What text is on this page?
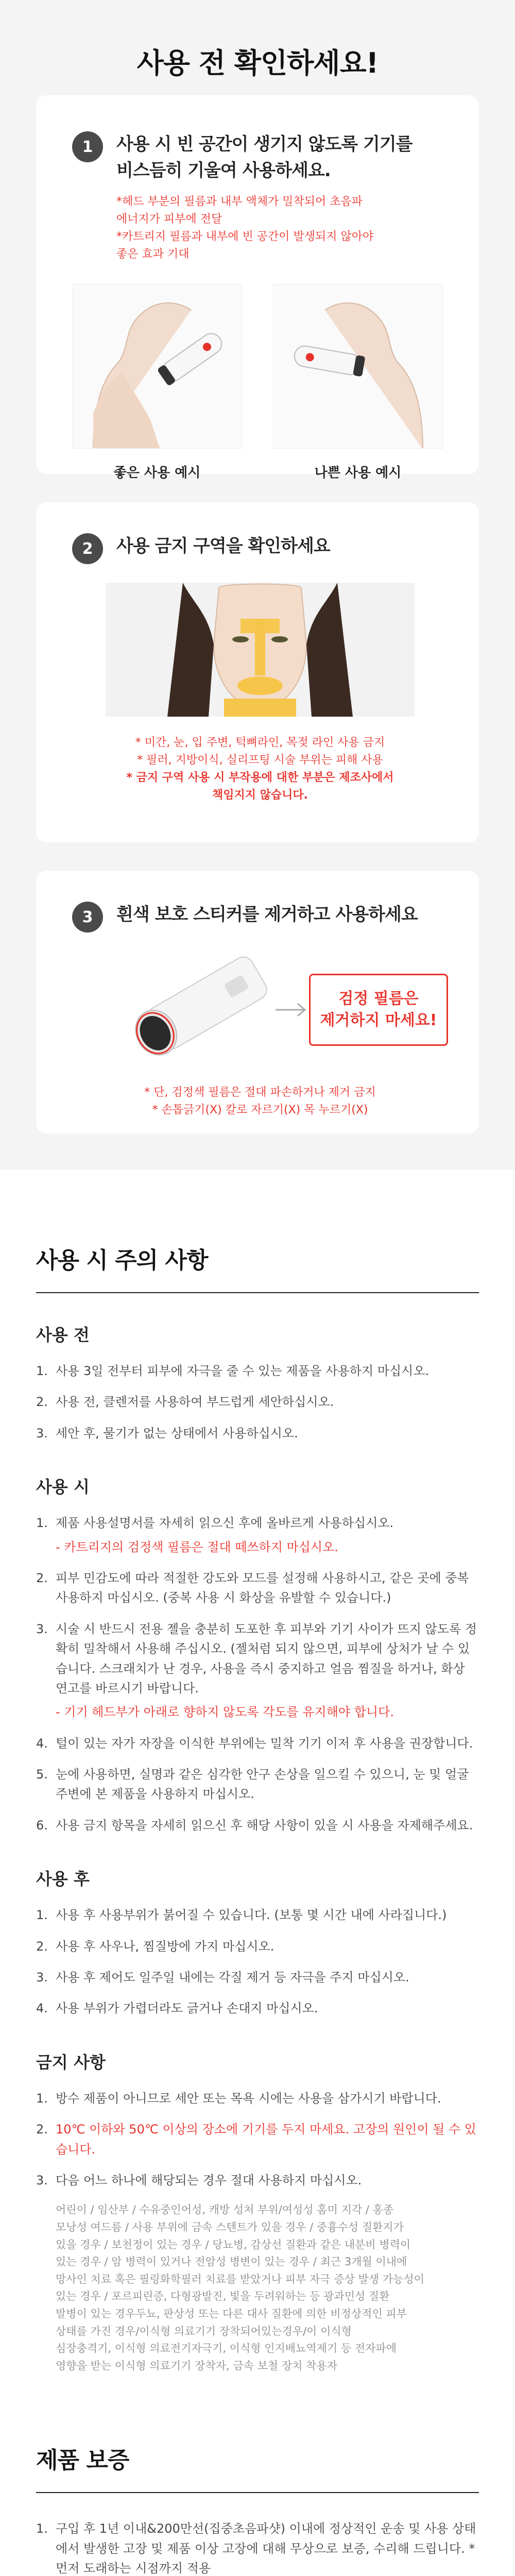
사용 전 확인하세요!
1	사용 시 빈 공간이 생기지 않도록 기기를 비스듬히 기울여 사용하세요.
*헤드 부분의 필름과 내부 액체가 밀착되어 초음파
에너지가 피부에 전달
*카트리지 필름과 내부에 빈 공간이 발생되지 않아야
좋은 효과 기대
좋은 사용 예시	나쁜 사용 예시
2	사용 금지 구역을 확인하세요
* 미간, 눈, 입 주변, 턱뼈라인, 목젖 라인 사용 금지
* 필러, 지방이식, 실리프팅 시술 부위는 피해 사용
* 금지 구역 사용 시 부작용에 대한 부분은 제조사에서
책임지지 않습니다.
3	흰색 보호 스티커를 제거하고 사용하세요
검정 필름은
제거하지 마세요!
* 단, 검정색 필름은 절대 파손하거나 제거 금지
* 손톱긁기(X) 칼로 자르기(X) 목 누르기(X)
사용 시 주의 사항
사용 전
1. 사용 3일 전부터 피부에 자극을 줄 수 있는 제품을 사용하지 마십시오.
2. 사용 전, 클렌저를 사용하여 부드럽게 세안하십시오.
3. 세안 후, 물기가 없는 상태에서 사용하십시오.
사용 시
1. 제품 사용설명서를 자세히 읽으신 후에 올바르게 사용하십시오.
- 카트리지의 검정색 필름은 절대 떼쓰하지 마십시오.
2. 피부 민감도에 따라 적절한 강도와 모드를 설정해 사용하시고, 같은 곳에 중복 사용하지 마십시오. (중복 사용 시 화상을 유발할 수 있습니다.)
3. 시술 시 반드시 전용 젤을 충분히 도포한 후 피부와 기기 사이가 뜨지 않도록 정확히 밀착해서 사용해 주십시오. (젤처럼 되지 않으면, 피부에 상처가 날 수 있습니다. 스크래치가 난 경우, 사용을 즉시 중지하고 얼음 찜질을 하거나, 화상 연고를 바르시기 바랍니다.
- 기기 헤드부가 아래로 향하지 않도록 각도를 유지해야 합니다.
4. 털이 있는 자가 자장을 이식한 부위에는 밀착 기기 이저 후 사용을 권장합니다.
5. 눈에 사용하면, 실명과 같은 심각한 안구 손상을 일으킬 수 있으니, 눈 및 얼굴 주변에 본 제품을 사용하지 마십시오.
6. 사용 금지 항목을 자세히 읽으신 후 해당 사항이 있을 시 사용을 자제해주세요.
사용 후
1. 사용 후 사용부위가 붉어질 수 있습니다. (보통 몇 시간 내에 사라집니다.)
2. 사용 후 사우나, 찜질방에 가지 마십시오.
3. 사용 후 제어도 일주일 내에는 각질 제거 등 자극을 주지 마십시오.
4. 사용 부위가 가렵더라도 긁거나 손대지 마십시오.
금지 사항
1. 방수 제품이 아니므로 세안 또는 목욕 시에는 사용을 삼가시기 바랍니다.
2. 10℃ 이하와 50℃ 이상의 장소에 기기를 두지 마세요. 고장의 원인이 될 수 있습니다.
3. 다음 어느 하나에 해당되는 경우 절대 사용하지 마십시오.
어린이 / 임산부 / 수유중인어성, 캐방 성처 부위/여성성 홈미 지각 / 홍종
모낭성 여드름 / 사용 부위에 금속 스텐트가 있을 경우 / 중흉수성 질환지가
있을 경우 / 보천정이 있는 경우 / 당뇨병, 감상선 질환과 같은 내분비 병력이
있는 경우 / 암 병력이 있거나 전암성 병변이 있는 경우 / 최근 3개월 이내에
망사인 치료 혹은 필링화학필러 치료를 받았거나 피부 자극 증상 발생 가능성이
있는 경우 / 포르피린증, 다형광발진, 빛을 두려워하는 등 광과민성 질환
발병이 있는 경우두뇨, 판상성 또는 다른 대사 질환에 의한 비정상적인 피부
상태를 가진 경우/이식형 의료기기 장착되어있는경우/이 이식형
심장충격기, 이식형 의료전기자극기, 이식형 인지배뇨역제기 등 전자파에
영향을 받는 이식형 의료기기 장착자, 금속 보철 장치 착용자
제품 보증
1. 구입 후 1년 이내&200만선(집중초음파샷) 이내에 정상적인 운송 및 사용 상태에서 발생한 고장 및 제품 이상 고장에 대해 무상으로 보증, 수리해 드립니다. *먼저 도래하는 시점까지 적용
